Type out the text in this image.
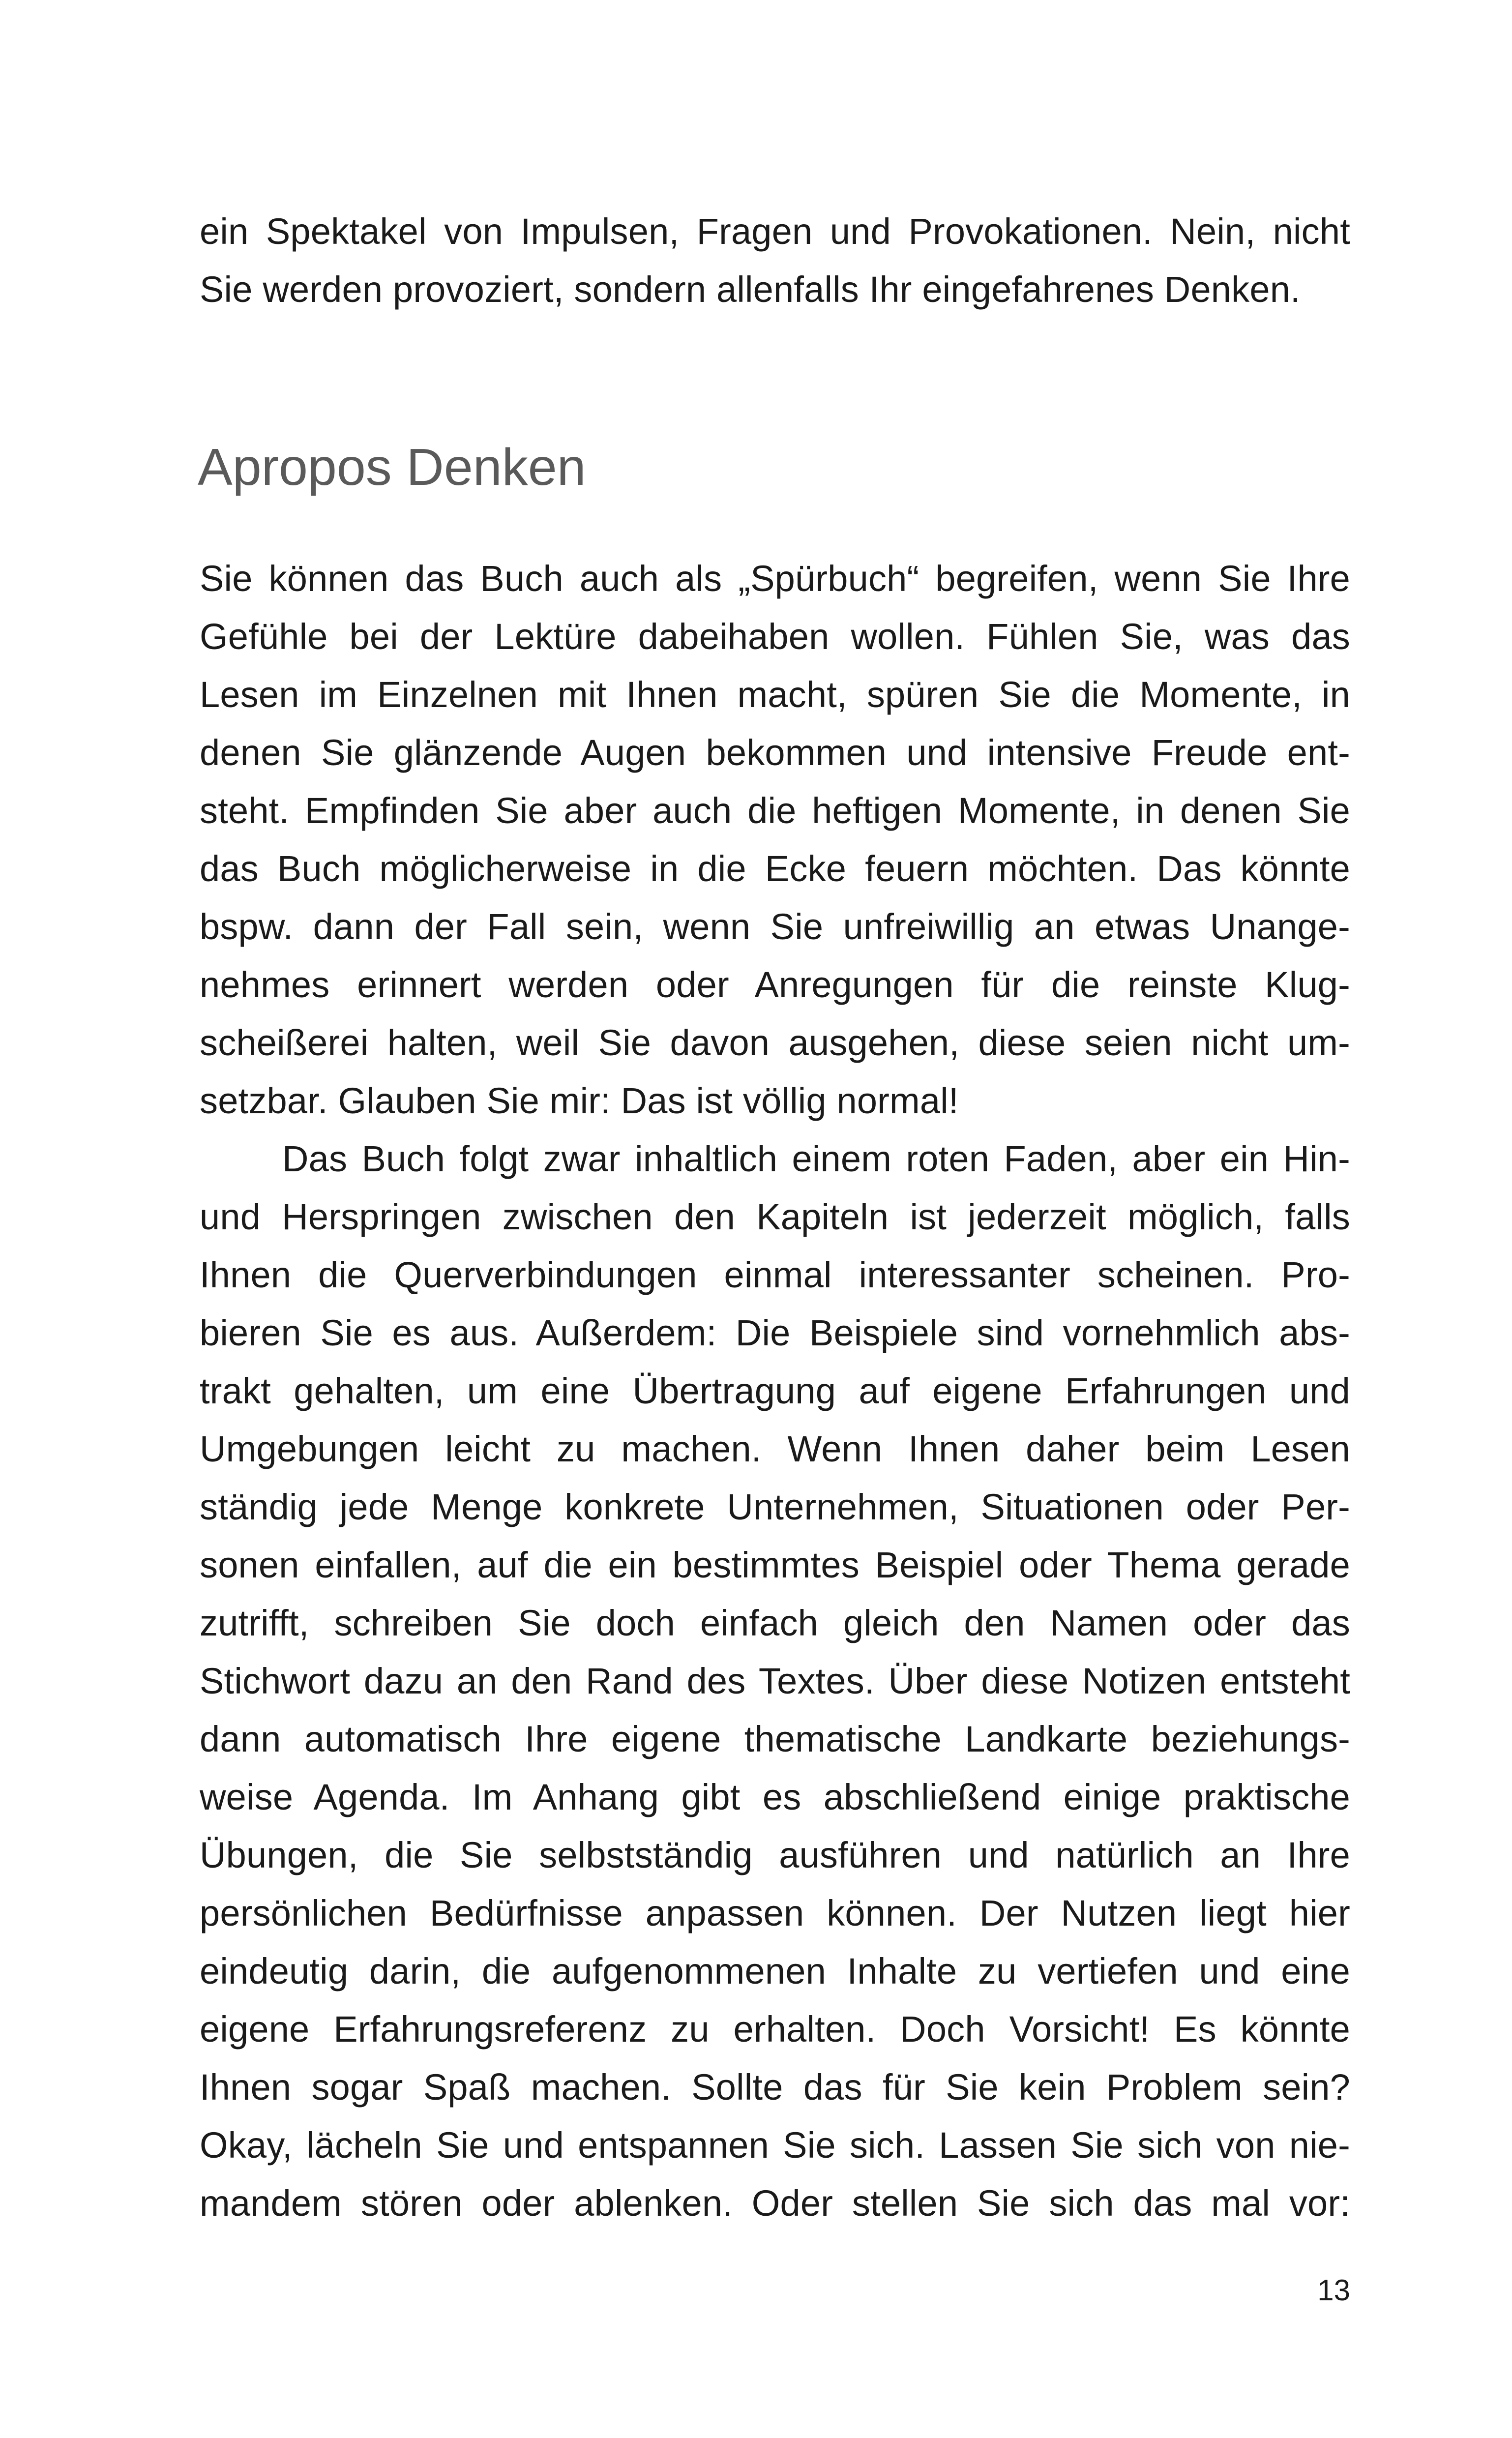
ein Spektakel von Impulsen, Fragen und Provokationen. Nein, nicht
Sie werden provoziert, sondern allenfalls Ihr eingefahrenes Denken.
Apropos Denken
Sie können das Buch auch als „Spürbuch“ begreifen, wenn Sie Ihre
Gefühle bei der Lektüre dabeihaben wollen. Fühlen Sie, was das
Lesen im Einzelnen mit Ihnen macht, spüren Sie die Momente, in
denen Sie glänzende Augen bekommen und intensive Freude ent-
steht. Empfinden Sie aber auch die heftigen Momente, in denen Sie
das Buch möglicherweise in die Ecke feuern möchten. Das könnte
bspw. dann der Fall sein, wenn Sie unfreiwillig an etwas Unange-
nehmes erinnert werden oder Anregungen für die reinste Klug-
scheißerei halten, weil Sie davon ausgehen, diese seien nicht um-
setzbar. Glauben Sie mir: Das ist völlig normal!
Das Buch folgt zwar inhaltlich einem roten Faden, aber ein Hin-
und Herspringen zwischen den Kapiteln ist jederzeit möglich, falls
Ihnen die Querverbindungen einmal interessanter scheinen. Pro-
bieren Sie es aus. Außerdem: Die Beispiele sind vornehmlich abs-
trakt gehalten, um eine Übertragung auf eigene Erfahrungen und
Umgebungen leicht zu machen. Wenn Ihnen daher beim Lesen
ständig jede Menge konkrete Unternehmen, Situationen oder Per-
sonen einfallen, auf die ein bestimmtes Beispiel oder Thema gerade
zutrifft, schreiben Sie doch einfach gleich den Namen oder das
Stichwort dazu an den Rand des Textes. Über diese Notizen entsteht
dann automatisch Ihre eigene thematische Landkarte beziehungs-
weise Agenda. Im Anhang gibt es abschließend einige praktische
Übungen, die Sie selbstständig ausführen und natürlich an Ihre
persönlichen Bedürfnisse anpassen können. Der Nutzen liegt hier
eindeutig darin, die aufgenommenen Inhalte zu vertiefen und eine
eigene Erfahrungsreferenz zu erhalten. Doch Vorsicht! Es könnte
Ihnen sogar Spaß machen. Sollte das für Sie kein Problem sein?
Okay, lächeln Sie und entspannen Sie sich. Lassen Sie sich von nie-
mandem stören oder ablenken. Oder stellen Sie sich das mal vor:
13
